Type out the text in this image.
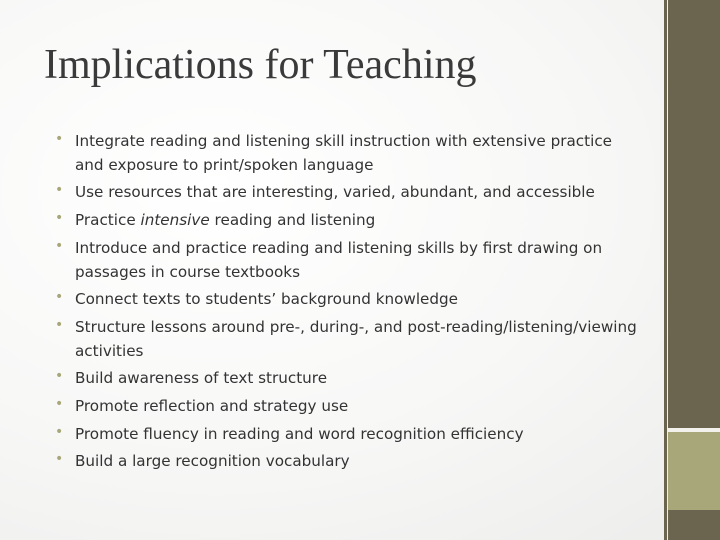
Implications for Teaching
• Integrate reading and listening skill instruction with extensive practice and exposure to print/spoken language
• Use resources that are interesting, varied, abundant, and accessible
• Practice intensive reading and listening
• Introduce and practice reading and listening skills by first drawing on passages in course textbooks
• Connect texts to students’ background knowledge
• Structure lessons around pre-, during-, and post-reading/listening/viewing activities
• Build awareness of text structure
• Promote reflection and strategy use
• Promote fluency in reading and word recognition efficiency
• Build a large recognition vocabulary
